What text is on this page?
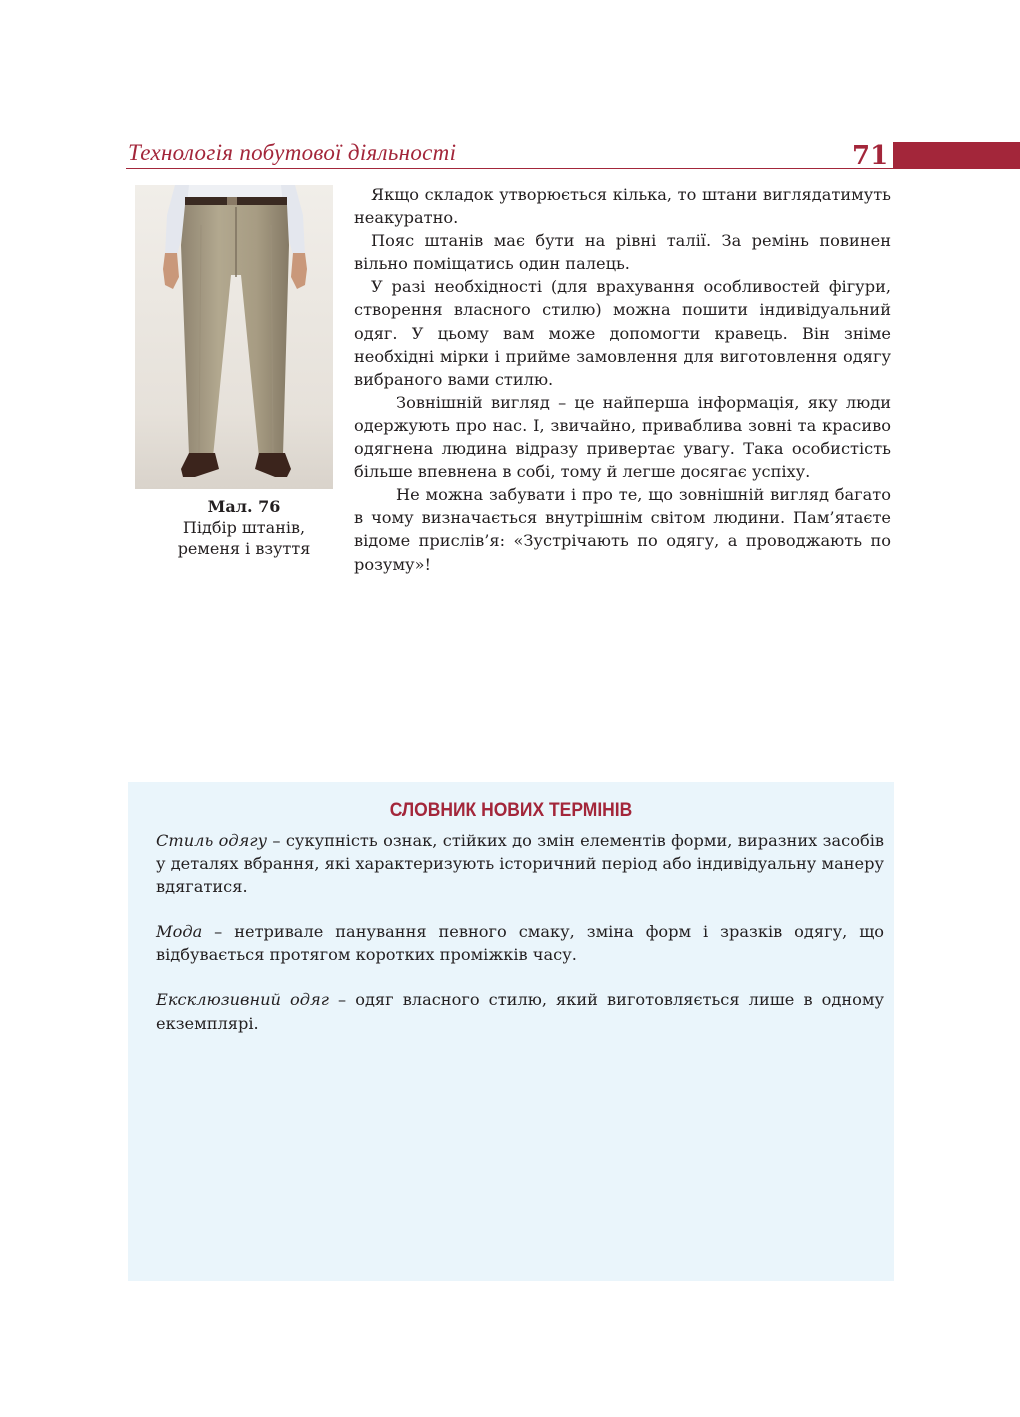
Технологія побутової діяльності	71
Мал. 76
Підбір штанів,
ременя і взуття

Якщо складок утворюється кілька, то штани виглядатимуть неакуратно.

Пояс штанів має бути на рівні талії. За ремінь повинен вільно поміщатись один палець.

У разі необхідності (для врахування особливостей фігури, створення власного стилю) можна пошити індивідуальний одяг. У цьому вам може допомогти кравець. Він зніме необхідні мірки і прийме замовлення для виготовлення одягу вибраного вами стилю.

Зовнішній вигляд – це найперша інформація, яку люди одержують про нас. І, звичайно, приваблива зовні та красиво одягнена людина відразу привертає увагу. Така особистість більше впевнена в собі, тому й легше досягає успіху.

Не можна забувати і про те, що зовнішній вигляд багато в чому визначається внутрішнім світом людини. Пам’ятаєте відоме прислів’я: «Зустрічають по одягу, а проводжають по розуму»!

СЛОВНИК НОВИХ ТЕРМІНІВ

Стиль одягу – сукупність ознак, стійких до змін елементів форми, виразних засобів у деталях вбрання, які характеризують історичний період або індивідуальну манеру вдягатися.

Мода – нетривале панування певного смаку, зміна форм і зразків одягу, що відбувається протягом коротких проміжків часу.

Ексклюзивний одяг – одяг власного стилю, який виготовляється лише в одному екземплярі.
